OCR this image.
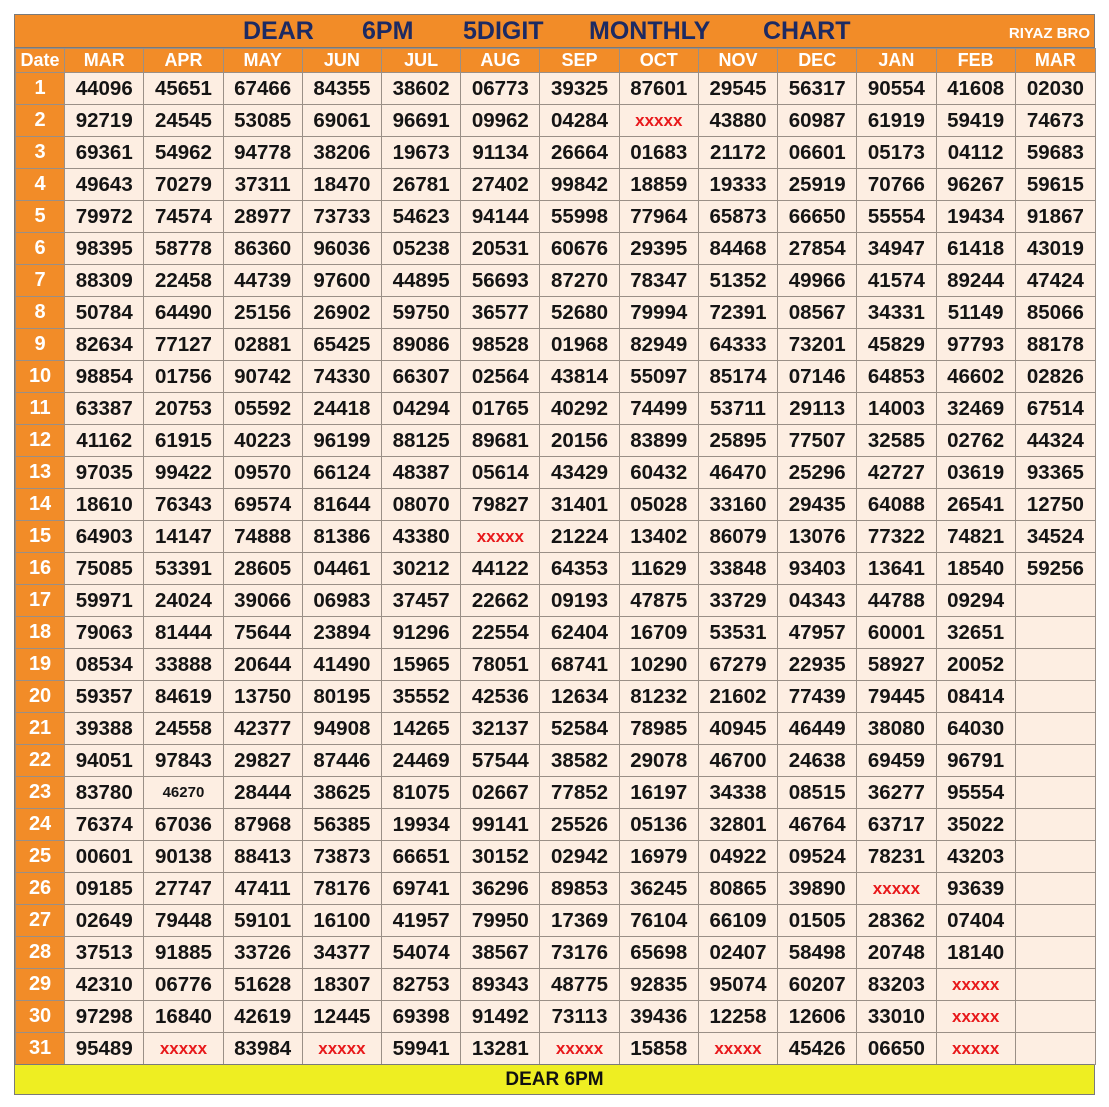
DEAR 6PM 5DIGIT MONTHLY CHART	RIYAZ BRO
Date	MAR	APR	MAY	JUN	JUL	AUG	SEP	OCT	NOV	DEC	JAN	FEB	MAR
1	44096	45651	67466	84355	38602	06773	39325	87601	29545	56317	90554	41608	02030
2	92719	24545	53085	69061	96691	09962	04284	xxxxx	43880	60987	61919	59419	74673
3	69361	54962	94778	38206	19673	91134	26664	01683	21172	06601	05173	04112	59683
4	49643	70279	37311	18470	26781	27402	99842	18859	19333	25919	70766	96267	59615
5	79972	74574	28977	73733	54623	94144	55998	77964	65873	66650	55554	19434	91867
6	98395	58778	86360	96036	05238	20531	60676	29395	84468	27854	34947	61418	43019
7	88309	22458	44739	97600	44895	56693	87270	78347	51352	49966	41574	89244	47424
8	50784	64490	25156	26902	59750	36577	52680	79994	72391	08567	34331	51149	85066
9	82634	77127	02881	65425	89086	98528	01968	82949	64333	73201	45829	97793	88178
10	98854	01756	90742	74330	66307	02564	43814	55097	85174	07146	64853	46602	02826
11	63387	20753	05592	24418	04294	01765	40292	74499	53711	29113	14003	32469	67514
12	41162	61915	40223	96199	88125	89681	20156	83899	25895	77507	32585	02762	44324
13	97035	99422	09570	66124	48387	05614	43429	60432	46470	25296	42727	03619	93365
14	18610	76343	69574	81644	08070	79827	31401	05028	33160	29435	64088	26541	12750
15	64903	14147	74888	81386	43380	xxxxx	21224	13402	86079	13076	77322	74821	34524
16	75085	53391	28605	04461	30212	44122	64353	11629	33848	93403	13641	18540	59256
17	59971	24024	39066	06983	37457	22662	09193	47875	33729	04343	44788	09294	
18	79063	81444	75644	23894	91296	22554	62404	16709	53531	47957	60001	32651	
19	08534	33888	20644	41490	15965	78051	68741	10290	67279	22935	58927	20052	
20	59357	84619	13750	80195	35552	42536	12634	81232	21602	77439	79445	08414	
21	39388	24558	42377	94908	14265	32137	52584	78985	40945	46449	38080	64030	
22	94051	97843	29827	87446	24469	57544	38582	29078	46700	24638	69459	96791	
23	83780	46270	28444	38625	81075	02667	77852	16197	34338	08515	36277	95554	
24	76374	67036	87968	56385	19934	99141	25526	05136	32801	46764	63717	35022	
25	00601	90138	88413	73873	66651	30152	02942	16979	04922	09524	78231	43203	
26	09185	27747	47411	78176	69741	36296	89853	36245	80865	39890	xxxxx	93639	
27	02649	79448	59101	16100	41957	79950	17369	76104	66109	01505	28362	07404	
28	37513	91885	33726	34377	54074	38567	73176	65698	02407	58498	20748	18140	
29	42310	06776	51628	18307	82753	89343	48775	92835	95074	60207	83203	xxxxx	
30	97298	16840	42619	12445	69398	91492	73113	39436	12258	12606	33010	xxxxx	
31	95489	xxxxx	83984	xxxxx	59941	13281	xxxxx	15858	xxxxx	45426	06650	xxxxx	
DEAR 6PM
